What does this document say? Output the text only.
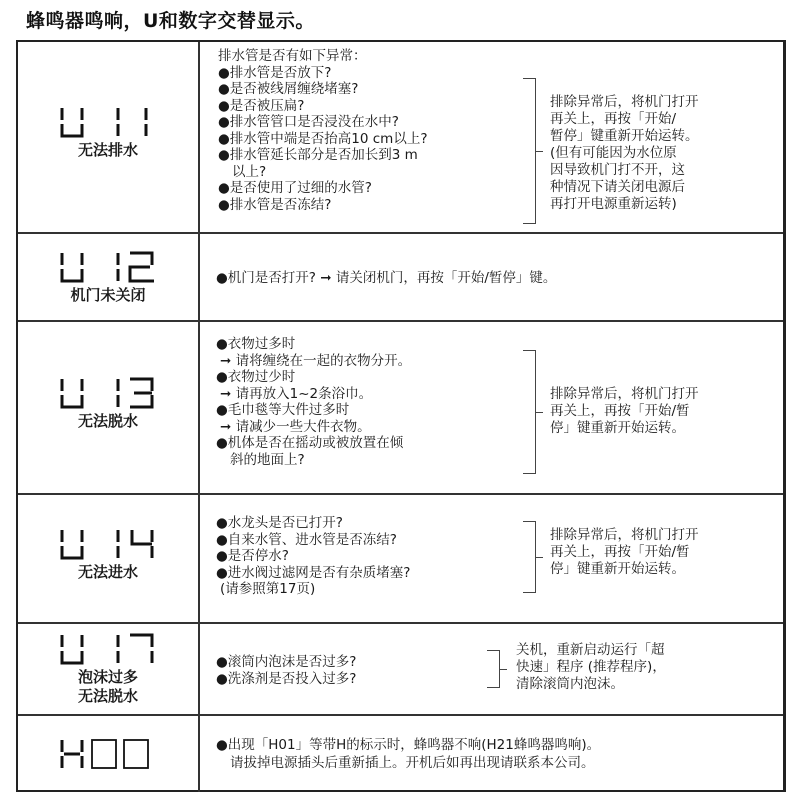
蜂鸣器鸣响，U和数字交替显示。
无法排水
排水管是否有如下异常：
●排水管是否放下?
●是否被线屑缠绕堵塞?
●是否被压扁?
●排水管管口是否浸没在水中?
●排水管中端是否抬高10 cm以上?
●排水管延长部分是否加长到3 m
以上?
●是否使用了过细的水管?
●排水管是否冻结?
排除异常后，将机门打开
再关上，再按「开始/
暂停」键重新开始运转。
(但有可能因为水位原
因导致机门打不开，这
种情况下请关闭电源后
再打开电源重新运转)
机门未关闭
●机门是否打开? ➞ 请关闭机门，再按「开始/暂停」键。
无法脱水
●衣物过多时
➞ 请将缠绕在一起的衣物分开。
●衣物过少时
➞ 请再放入1~2条浴巾。
●毛巾毯等大件过多时
➞ 请减少一些大件衣物。
●机体是否在摇动或被放置在倾
斜的地面上?
排除异常后，将机门打开
再关上，再按「开始/暂
停」键重新开始运转。
无法进水
●水龙头是否已打开?
●自来水管、进水管是否冻结?
●是否停水?
●进水阀过滤网是否有杂质堵塞?
(请参照第17页)
排除异常后，将机门打开
再关上，再按「开始/暂
停」键重新开始运转。
泡沫过多
无法脱水
●滚筒内泡沫是否过多?
●洗涤剂是否投入过多?
关机，重新启动运行「超
快速」程序 (推荐程序)，
清除滚筒内泡沫。
●出现「H01」等带H的标示时，蜂鸣器不响(H21蜂鸣器鸣响)。
请拔掉电源插头后重新插上。开机后如再出现请联系本公司。
